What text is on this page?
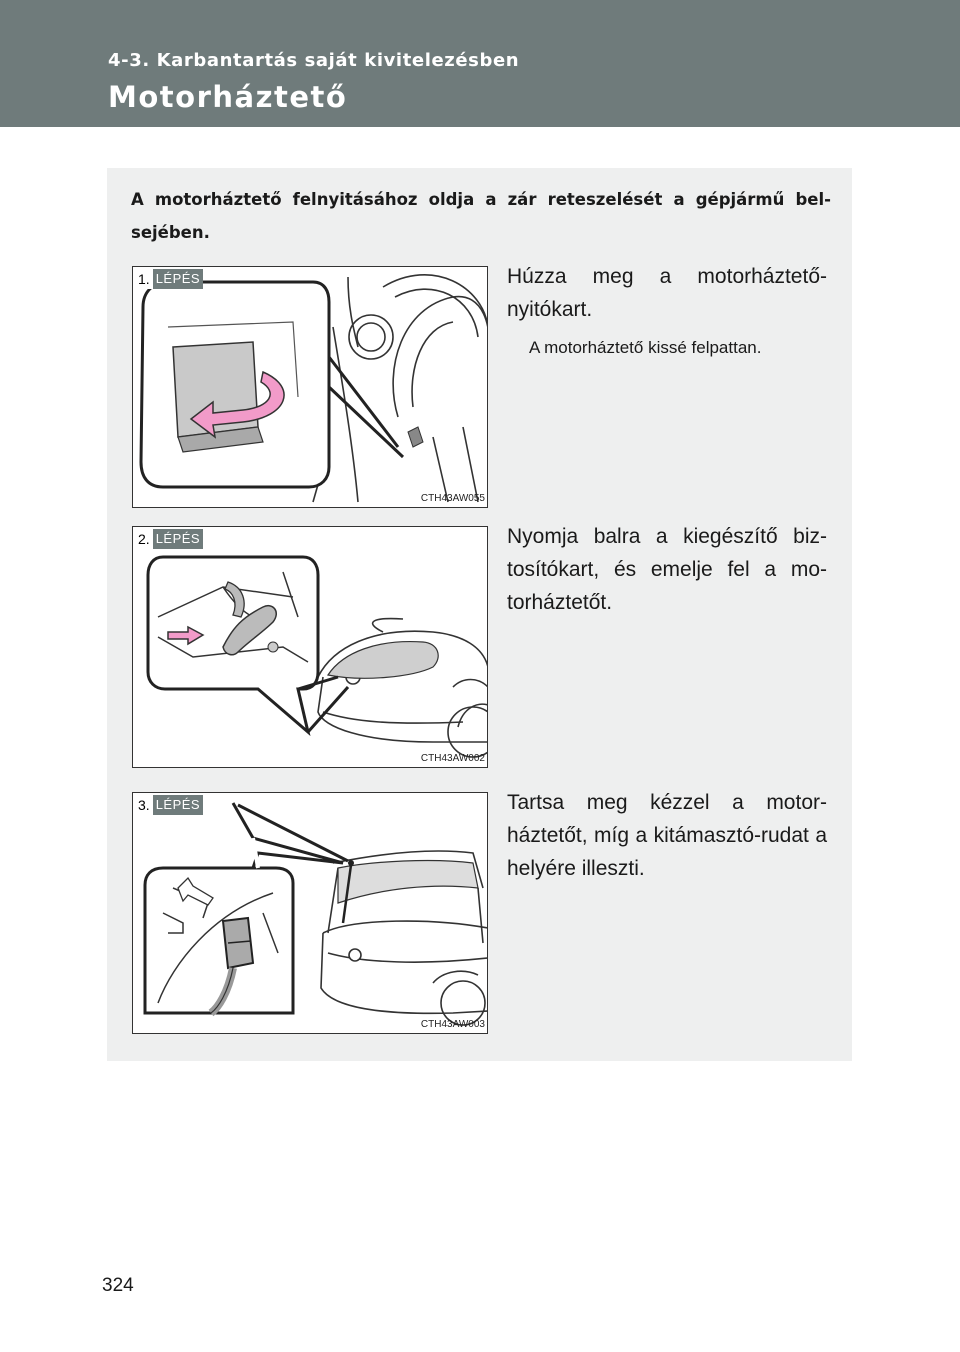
4-3. Karbantartás saját kivitelezésben
Motorháztető
A motorháztető felnyitásához oldja a zár reteszelését a gépjármű bel-sejében.
1. LÉPÉS
CTH43AW055
Húzza meg a motorháztető-nyitókart.
A motorháztető kissé felpattan.
2. LÉPÉS
CTH43AW002
Nyomja balra a kiegészítő biz-tosítókart, és emelje fel a mo-torháztetőt.
3. LÉPÉS
CTH43AW003
Tartsa meg kézzel a motor-háztetőt, míg a kitámasztó-rudat a helyére illeszti.
324
